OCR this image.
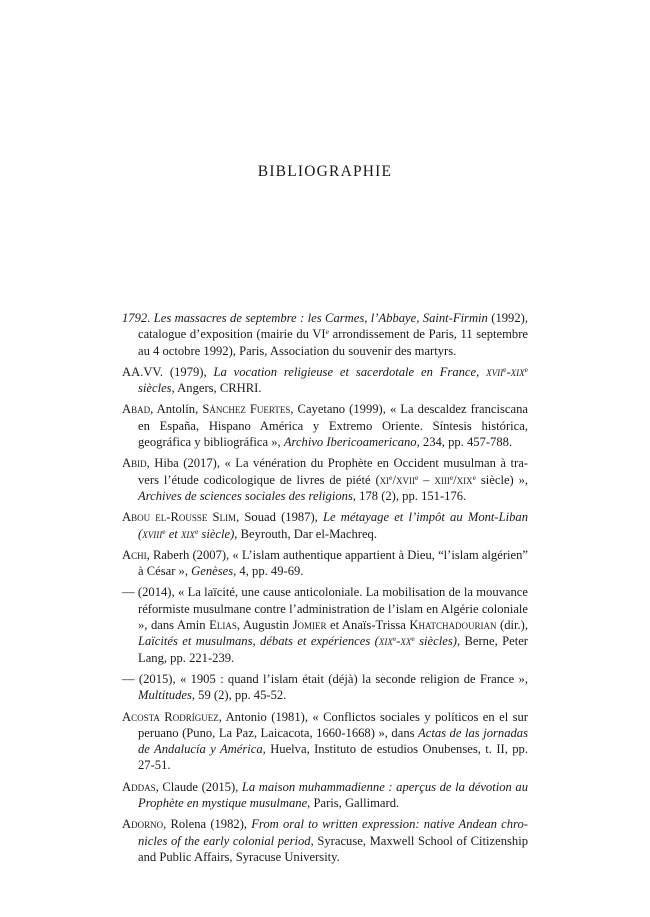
BIBLIOGRAPHIE

1792. Les massacres de septembre : les Carmes, l’Abbaye, Saint-Firmin (1992), catalogue d’exposition (mairie du VIe arrondissement de Paris, 11 septembre au 4 octobre 1992), Paris, Association du souvenir des martyrs.

AA.VV. (1979), La vocation religieuse et sacerdotale en France, xvii$^e$-xix$^e$ siècles, Angers, CRHRI.

Abad, Antolín, Sánchez Fuertes, Cayetano (1999), « La descaldez franciscana en España, Hispano América y Extremo Oriente. Síntesis histórica, geográfica y bibliográfica », Archivo Ibericoamericano, 234, pp. 457-788.

Abid, Hiba (2017), « La vénération du Prophète en Occident musulman à travers l’étude codicologique de livres de piété ($xi^e/xvii^e$ – xiii$^e$/xix$^e$ siècle) », Archives de sciences sociales des religions, 178 (2), pp. 151-176.

Abou el-Rousse Slim, Souad (1987), Le métayage et l’impôt au Mont-Liban (xviii$^e$ et xix$^e$ siècle), Beyrouth, Dar el-Machreq.

Achi, Raberh (2007), « L’islam authentique appartient à Dieu, “l’islam algérien” à César », Genèses, 4, pp. 49-69.

— (2014), « La laïcité, une cause anticoloniale. La mobilisation de la mouvance réformiste musulmane contre l’administration de l’islam en Algérie coloniale », dans Amin Elias, Augustin Jomier et Anaïs-Trissa Khatchadourian (dir.), Laïcités et musulmans, débats et expériences ($xix^e-xx^e$ siècles), Berne, Peter Lang, pp. 221-239.

— (2015), « 1905 : quand l’islam était (déjà) la seconde religion de France », Multitudes, 59 (2), pp. 45-52.

Acosta Rodríguez, Antonio (1981), « Conflictos sociales y políticos en el sur peruano (Puno, La Paz, Laicacota, 1660-1668) », dans Actas de las jornadas de Andalucía y América, Huelva, Instituto de estudios Onubenses, t. II, pp. 27-51.

Addas, Claude (2015), La maison muhammadienne : aperçus de la dévotion au Prophète en mystique musulmane, Paris, Gallimard.

Adorno, Rolena (1982), From oral to written expression: native Andean chronicles of the early colonial period, Syracuse, Maxwell School of Citizenship and Public Affairs, Syracuse University.
